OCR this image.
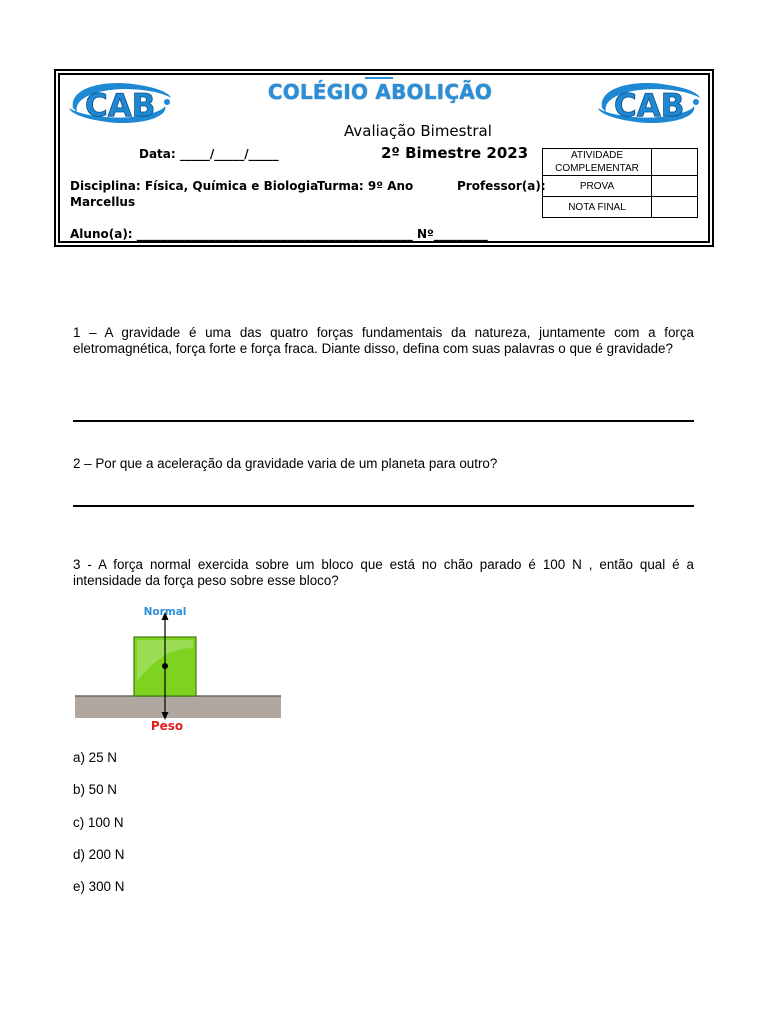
CAB	CAB
COLÉGIO ABOLIÇÃO
Avaliação Bimestral
2º Bimestre 2023
Data: _____/_____/_____
Disciplina: Física, Química e Biologia
Turma: 9º Ano	Professor(a):
Marcellus
Aluno(a): ______________________________________________ Nº_________
ATIVIDADE COMPLEMENTAR	
PROVA	
NOTA FINAL	
1 – A gravidade é uma das quatro forças fundamentais da natureza, juntamente com a força eletromagnética, força forte e força fraca. Diante disso, defina com suas palavras o que é gravidade?
2 – Por que a aceleração da gravidade varia de um planeta para outro?
3 - A força normal exercida sobre um bloco que está no chão parado é 100 N , então qual é a intensidade da força peso sobre esse bloco?
Normal
Peso
a) 25 N
b) 50 N
c) 100 N
d) 200 N
e) 300 N
